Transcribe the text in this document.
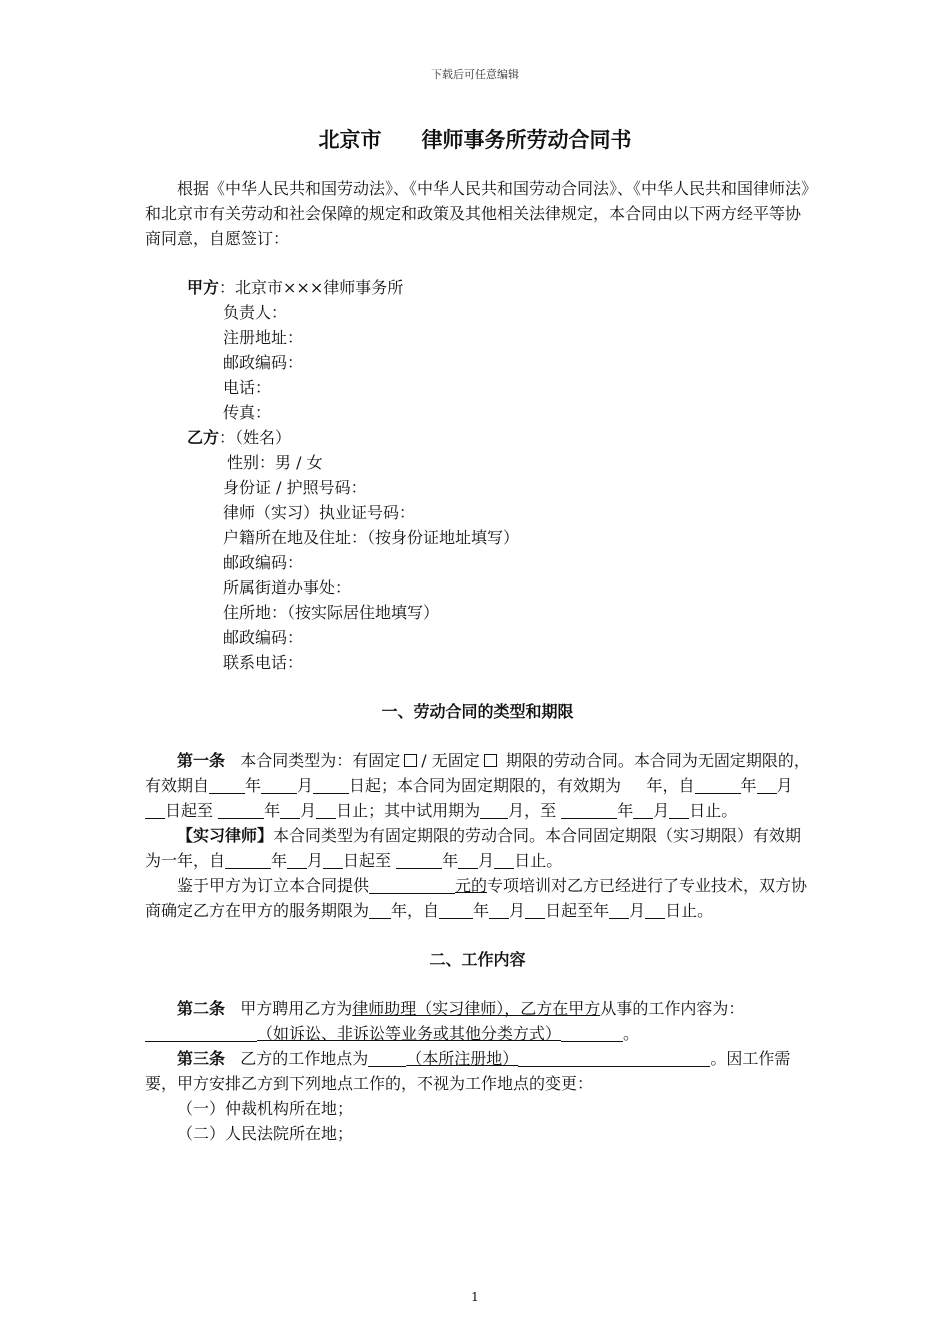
下载后可任意编辑
北京市 律师事务所劳动合同书

根据《中华人民共和国劳动法》、《中华人民共和国劳动合同法》、《中华人民共和国律师法》和北京市有关劳动和社会保障的规定和政策及其他相关法律规定，本合同由以下两方经平等协商同意，自愿签订：

甲方：北京市×××律师事务所

负责人：

注册地址：

邮政编码：

电话：

传真：

乙方：（姓名）

性别：男 / 女

身份证 / 护照号码：

律师（实习）执业证号码：

户籍所在地及住址：（按身份证地址填写）

邮政编码：

所属街道办事处：

住所地：（按实际居住地填写）

邮政编码：

联系电话：

一、劳动合同的类型和期限

第一条 本合同类型为：有固定 / 无固定 期限的劳动合同。本合同为无固定期限的，有效期自 年 月 日起；本合同为固定期限的，有效期为 年，自	年 月日起至	年 月 日止；其中试用期为 月，至	年 月 日止。

【实习律师】本合同类型为有固定期限的劳动合同。本合同固定期限（实习期限）有效期为一年，自	年 月 日起至	年 月 日止。

鉴于甲方为订立本合同提供	元的专项培训对乙方已经进行了专业技术，双方协商确定乙方在甲方的服务期限为 年，自 年 月 日起至年 月 日止。

二、工作内容

第二条 甲方聘用乙方为律师助理（实习律师），乙方在甲方从事的工作内容为：（如诉讼、非诉讼等业务或其他分类方式）	。

第三条 乙方的工作地点为 （本所注册地）	。因工作需要，甲方安排乙方到下列地点工作的，不视为工作地点的变更：

（一）仲裁机构所在地；

（二）人民法院所在地；

1
